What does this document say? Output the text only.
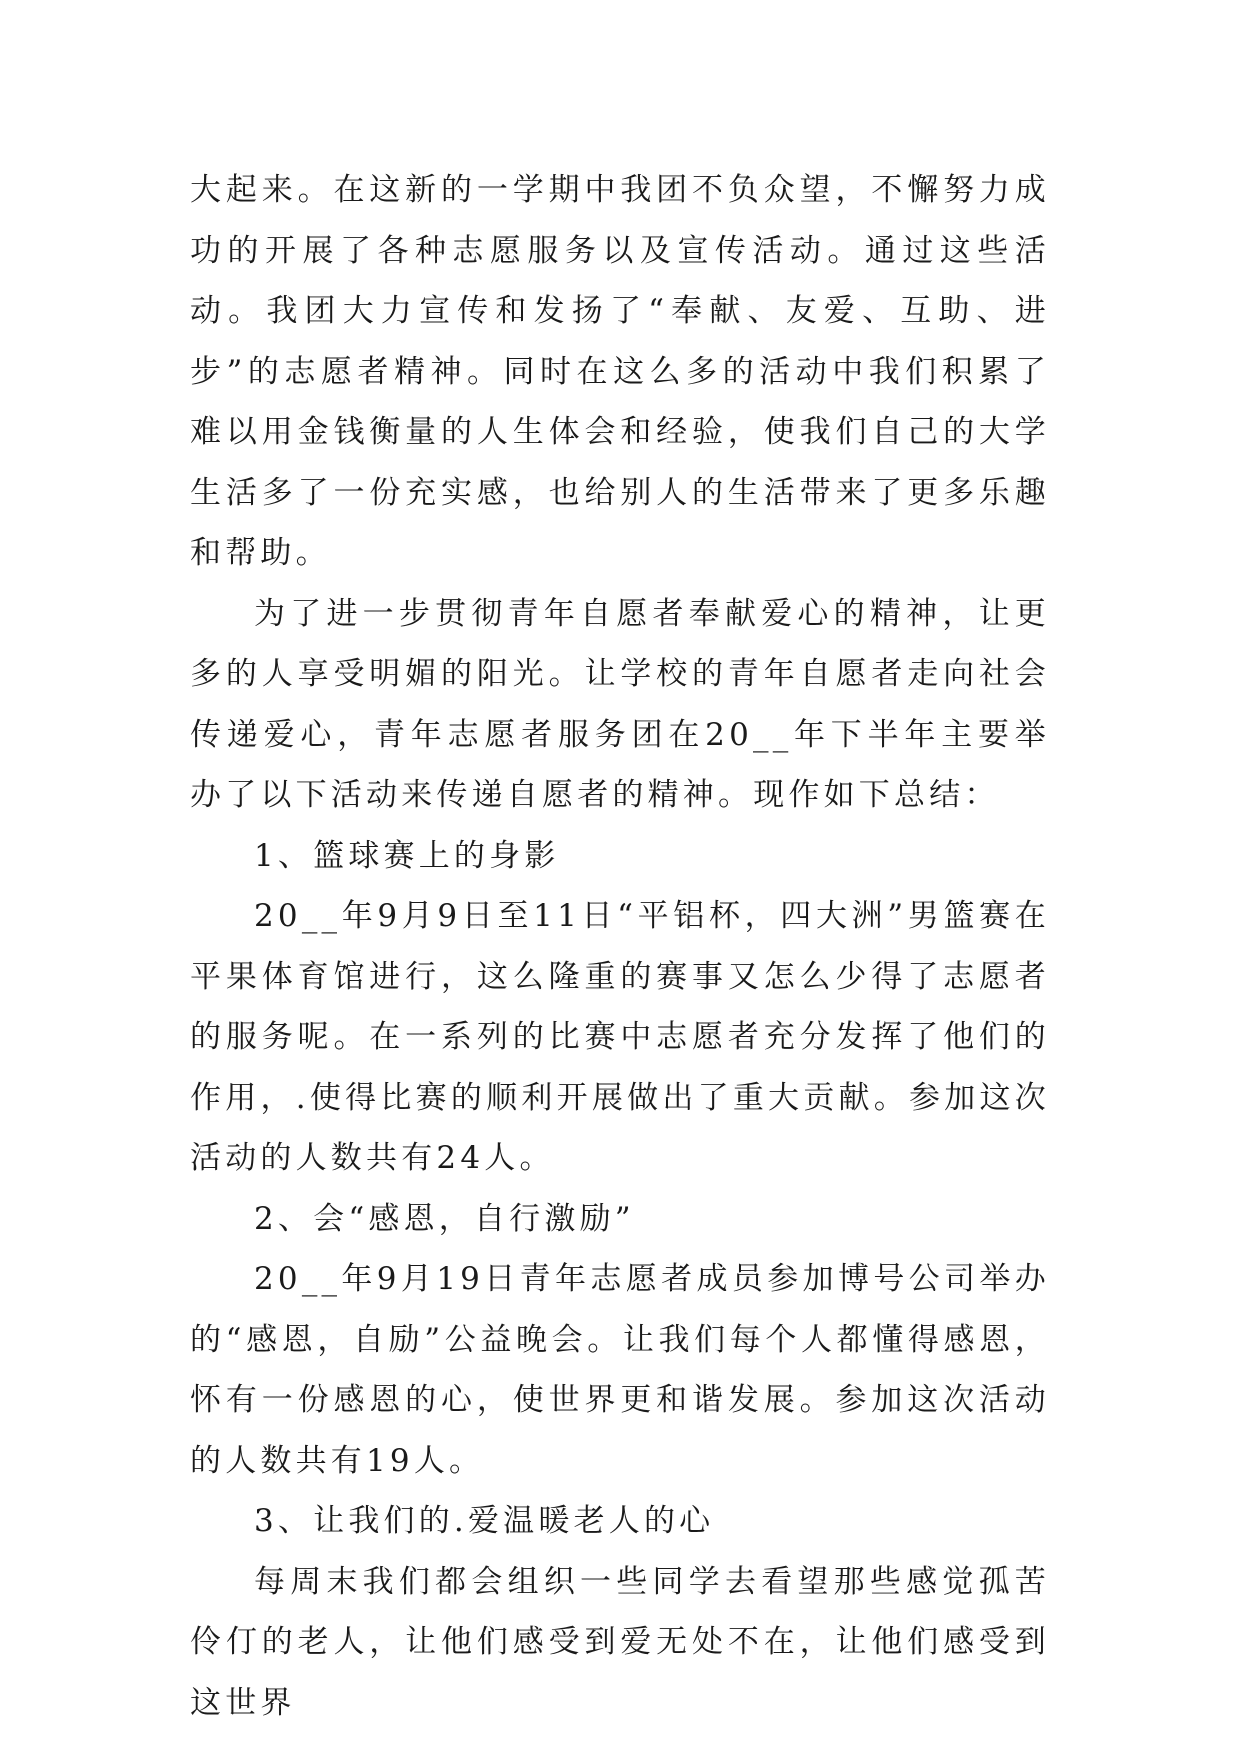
大起来。在这新的一学期中我团不负众望，不懈努力成功的开展了各种志愿服务以及宣传活动。通过这些活动。我团大力宣传和发扬了“奉献、友爱、互助、进步”的志愿者精神。同时在这么多的活动中我们积累了难以用金钱衡量的人生体会和经验，使我们自己的大学生活多了一份充实感，也给别人的生活带来了更多乐趣和帮助。

为了进一步贯彻青年自愿者奉献爱心的精神，让更多的人享受明媚的阳光。让学校的青年自愿者走向社会传递爱心，青年志愿者服务团在20__年下半年主要举办了以下活动来传递自愿者的精神。现作如下总结：

1、篮球赛上的身影

20__年9月9日至11日“平铝杯，四大洲”男篮赛在平果体育馆进行，这么隆重的赛事又怎么少得了志愿者的服务呢。在一系列的比赛中志愿者充分发挥了他们的作用，.使得比赛的顺利开展做出了重大贡献。参加这次活动的人数共有24人。

2、会“感恩，自行激励”

20__年9月19日青年志愿者成员参加博号公司举办的“感恩，自励”公益晚会。让我们每个人都懂得感恩，怀有一份感恩的心，使世界更和谐发展。参加这次活动的人数共有19人。

3、让我们的.爱温暖老人的心

每周末我们都会组织一些同学去看望那些感觉孤苦伶仃的老人，让他们感受到爱无处不在，让他们感受到这世界
